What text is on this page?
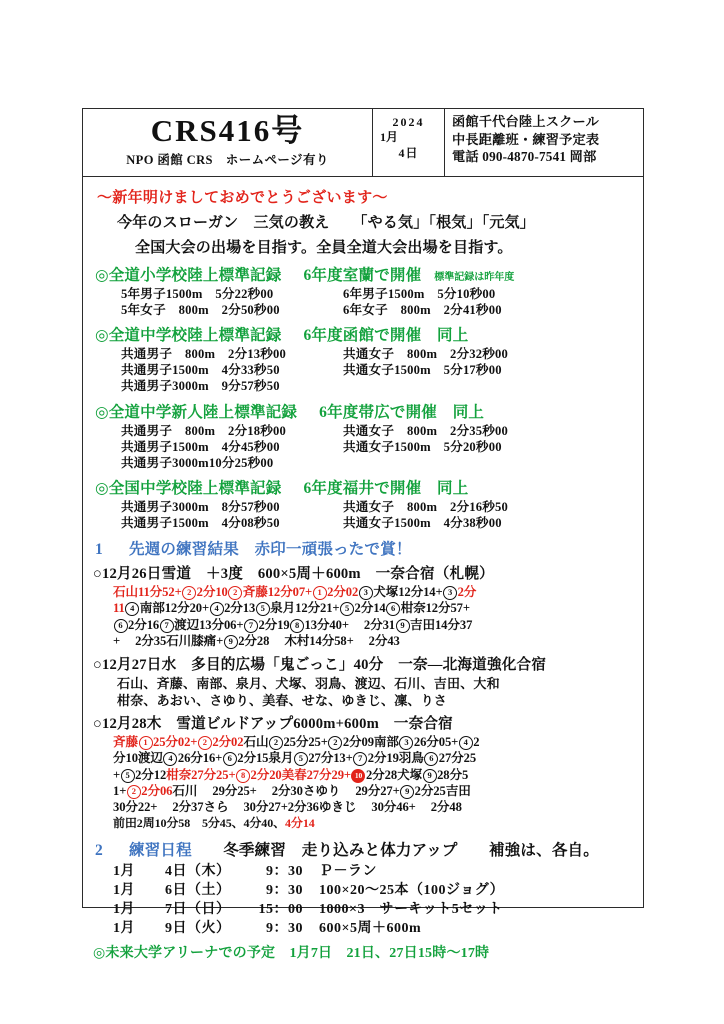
CRS416号
NPO 函館 CRS　ホームページ有り
2024
1月
4日
函館千代台陸上スクール
中長距離班・練習予定表
電話 090-4870-7541 岡部
～新年明けましておめでとうございます～
今年のスローガン　三気の教え　　「やる気」「根気」「元気」
全国大会の出場を目指す。全員全道大会出場を目指す。
◎全道小学校陸上標準記録 6年度室蘭で開催 標準記録は昨年度
5年男子1500m　5分22秒00	6年男子1500m　5分10秒00
5年女子　800m　2分50秒00	6年女子　800m　2分41秒00
◎全道中学校陸上標準記録 6年度函館で開催　同上
共通男子　800m　2分13秒00	共通女子　800m　2分32秒00
共通男子1500m　4分33秒50	共通女子1500m　5分17秒00
共通男子3000m　9分57秒50
◎全道中学新人陸上標準記録 6年度帯広で開催　同上
共通男子　800m　2分18秒00	共通女子　800m　2分35秒00
共通男子1500m　4分45秒00	共通女子1500m　5分20秒00
共通男子3000m10分25秒00
◎全国中学校陸上標準記録 6年度福井で開催　同上
共通男子3000m　8分57秒00	共通女子　800m　2分16秒50
共通男子1500m　4分08秒50	共通女子1500m　4分38秒00
1 先週の練習結果　 赤印一頑張ったで賞！
○12月26日雪道　＋3度　600×5周＋600m　一奈合宿（札幌）
石山11分52+ 2 2分10 2 斉藤12分07+ 1 2分02 3 犬塚12分14+ 3 2分
11 4 南部12分20+ 4 2分13 5 泉月12分21+ 5 2分14 6 柑奈12分57+
6 2分16 7 渡辺13分06+ 7 2分19 8 13分40+ 10 2分31 9 吉田14分37
+ 11 2分35石川膝痛+ 9 2分28 10 木村14分58+ 12 2分43
○12月27日水　多目的広場「鬼ごっこ」40分　一奈―北海道強化合宿
石山、斉藤、南部、泉月、犬塚、羽鳥、渡辺、石川、吉田、大和
柑奈、あおい、さゆり、美春、せな、ゆきじ、凜、りさ
○12月28木　雪道ビルドアップ6000m+600m　一奈合宿
斉藤 1 25分02+ 2 2分02石山 2 25分25+ 2 2分09南部 3 26分05+ 4 2
分10渡辺 4 26分16+ 6 2分15泉月 5 27分13+ 7 2分19羽鳥 6 27分25
+ 5 2分12柑奈27分25+ 8 2分20美春27分29+ 10 2分28犬塚 9 28分5
1+ 2 2分06石川 10 29分25+ 11 2分30さゆり 10 29分27+ 9 2分25吉田 12
30分22+ 13 2分37さら 13 30分27+2分36ゆきじ 14 30分46+ 14 2分48
前田2周10分58　5分45、4分40、4分14
2 練習日程　　 冬季練習　走り込みと体力アップ　　補強は、各自。
1月 4日（木）	9：30 Ｐ－ラン
1月 6日（土）	9：30 100×20～25本（100ジョグ）
1月 7日（日） 15：00 1000×3　サーキット5セット
1月 9日（火）	9：30 600×5周＋600m
◎未来大学アリーナでの予定　1月7日　21日、27日15時～17時
